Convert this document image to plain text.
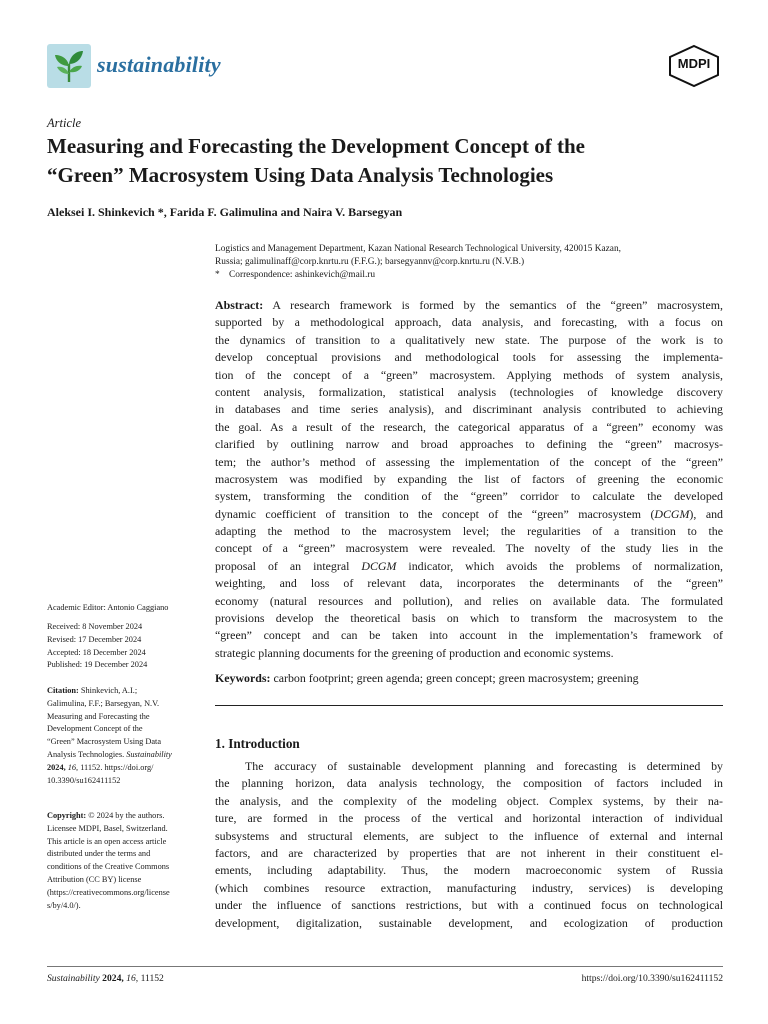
sustainability	MDPI
Article
Measuring and Forecasting the Development Concept of the
“Green” Macrosystem Using Data Analysis Technologies
Aleksei I. Shinkevich *, Farida F. Galimulina and Naira V. Barsegyan
Logistics and Management Department, Kazan National Research Technological University, 420015 Kazan,
Russia; galimulinaff@corp.knrtu.ru (F.F.G.); barsegyannv@corp.knrtu.ru (N.V.B.)
* Correspondence: ashinkevich@mail.ru
Abstract: A research framework is formed by the semantics of the “green” macrosystem,
supported by a methodological approach, data analysis, and forecasting, with a focus on
the dynamics of transition to a qualitatively new state. The purpose of the work is to
develop conceptual provisions and methodological tools for assessing the implementa-
tion of the concept of a “green” macrosystem. Applying methods of system analysis,
content analysis, formalization, statistical analysis (technologies of knowledge discovery
in databases and time series analysis), and discriminant analysis contributed to achieving
the goal. As a result of the research, the categorical apparatus of a “green” economy was
clarified by outlining narrow and broad approaches to defining the “green” macrosys-
tem; the author’s method of assessing the implementation of the concept of the “green”
macrosystem was modified by expanding the list of factors of greening the economic
system, transforming the condition of the “green” corridor to calculate the developed
dynamic coefficient of transition to the concept of the “green” macrosystem (DCGM), and
adapting the method to the macrosystem level; the regularities of a transition to the
concept of a “green” macrosystem were revealed. The novelty of the study lies in the
proposal of an integral DCGM indicator, which avoids the problems of normalization,
weighting, and loss of relevant data, incorporates the determinants of the “green”
economy (natural resources and pollution), and relies on available data. The formulated
provisions develop the theoretical basis on which to transform the macrosystem to the
“green” concept and can be taken into account in the implementation’s framework of
strategic planning documents for the greening of production and economic systems.
Keywords: carbon footprint; green agenda; green concept; green macrosystem; greening
1. Introduction
The accuracy of sustainable development planning and forecasting is determined by
the planning horizon, data analysis technology, the composition of factors included in
the analysis, and the complexity of the modeling object. Complex systems, by their na-
ture, are formed in the process of the vertical and horizontal interaction of individual
subsystems and structural elements, are subject to the influence of external and internal
factors, and are characterized by properties that are not inherent in their constituent el-
ements, including adaptability. Thus, the modern macroeconomic system of Russia
(which combines resource extraction, manufacturing industry, services) is developing
under the influence of sanctions restrictions, but with a continued focus on technological
development, digitalization, sustainable development, and ecologization of production
Academic Editor: Antonio Caggiano
Received: 8 November 2024
Revised: 17 December 2024
Accepted: 18 December 2024
Published: 19 December 2024
Citation: Shinkevich, A.I.;
Galimulina, F.F.; Barsegyan, N.V.
Measuring and Forecasting the
Development Concept of the
“Green” Macrosystem Using Data
Analysis Technologies. Sustainability
2024, 16, 11152. https://doi.org/
10.3390/su162411152
Copyright: © 2024 by the authors.
Licensee MDPI, Basel, Switzerland.
This article is an open access article
distributed under the terms and
conditions of the Creative Commons
Attribution (CC BY) license
(https://creativecommons.org/license
s/by/4.0/).
Sustainability 2024, 16, 11152	https://doi.org/10.3390/su162411152
